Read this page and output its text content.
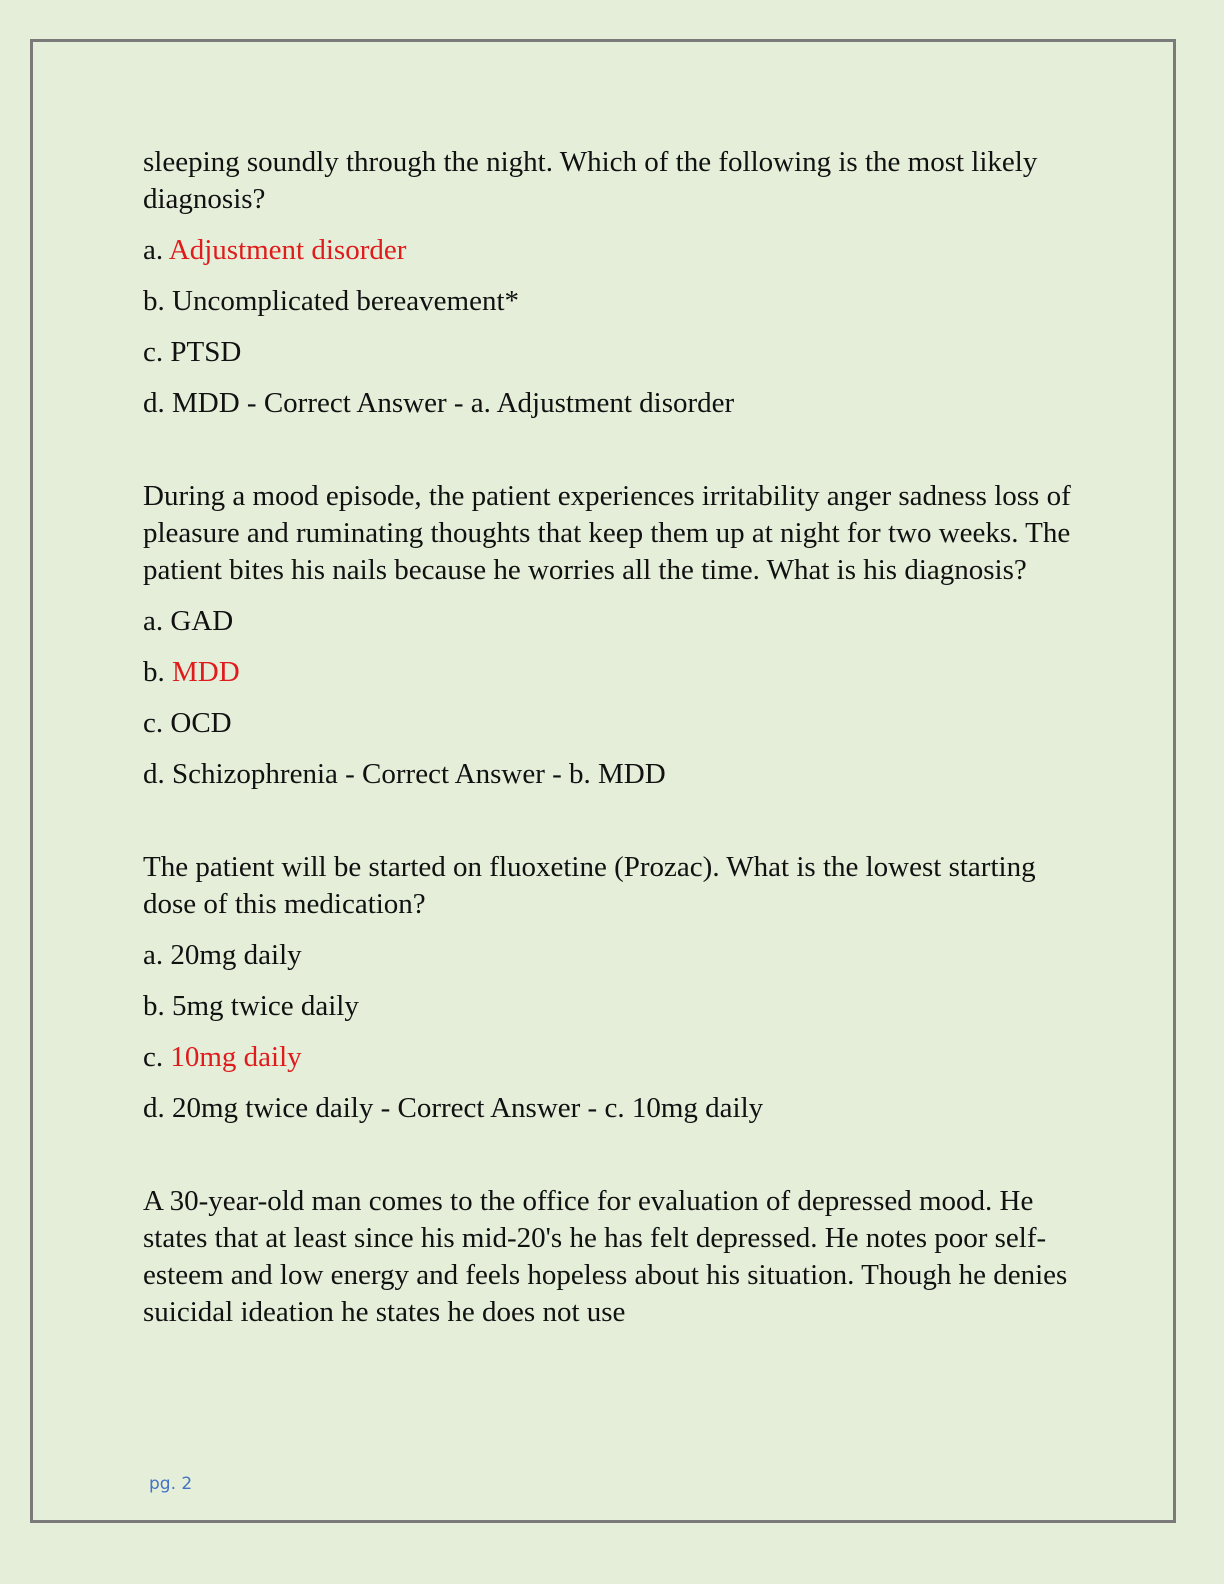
sleeping soundly through the night. Which of the following is the most likely diagnosis?

a. Adjustment disorder

b. Uncomplicated bereavement*

c. PTSD

d. MDD - Correct Answer - a. Adjustment disorder

During a mood episode, the patient experiences irritability anger sadness loss of pleasure and ruminating thoughts that keep them up at night for two weeks. The patient bites his nails because he worries all the time. What is his diagnosis?

a. GAD

b. MDD

c. OCD

d. Schizophrenia - Correct Answer - b. MDD

The patient will be started on fluoxetine (Prozac). What is the lowest starting dose of this medication?

a. 20mg daily

b. 5mg twice daily

c. 10mg daily

d. 20mg twice daily - Correct Answer - c. 10mg daily

A 30-year-old man comes to the office for evaluation of depressed mood. He states that at least since his mid-20's he has felt depressed. He notes poor self-esteem and low energy and feels hopeless about his situation. Though he denies suicidal ideation he states he does not use

pg. 2
